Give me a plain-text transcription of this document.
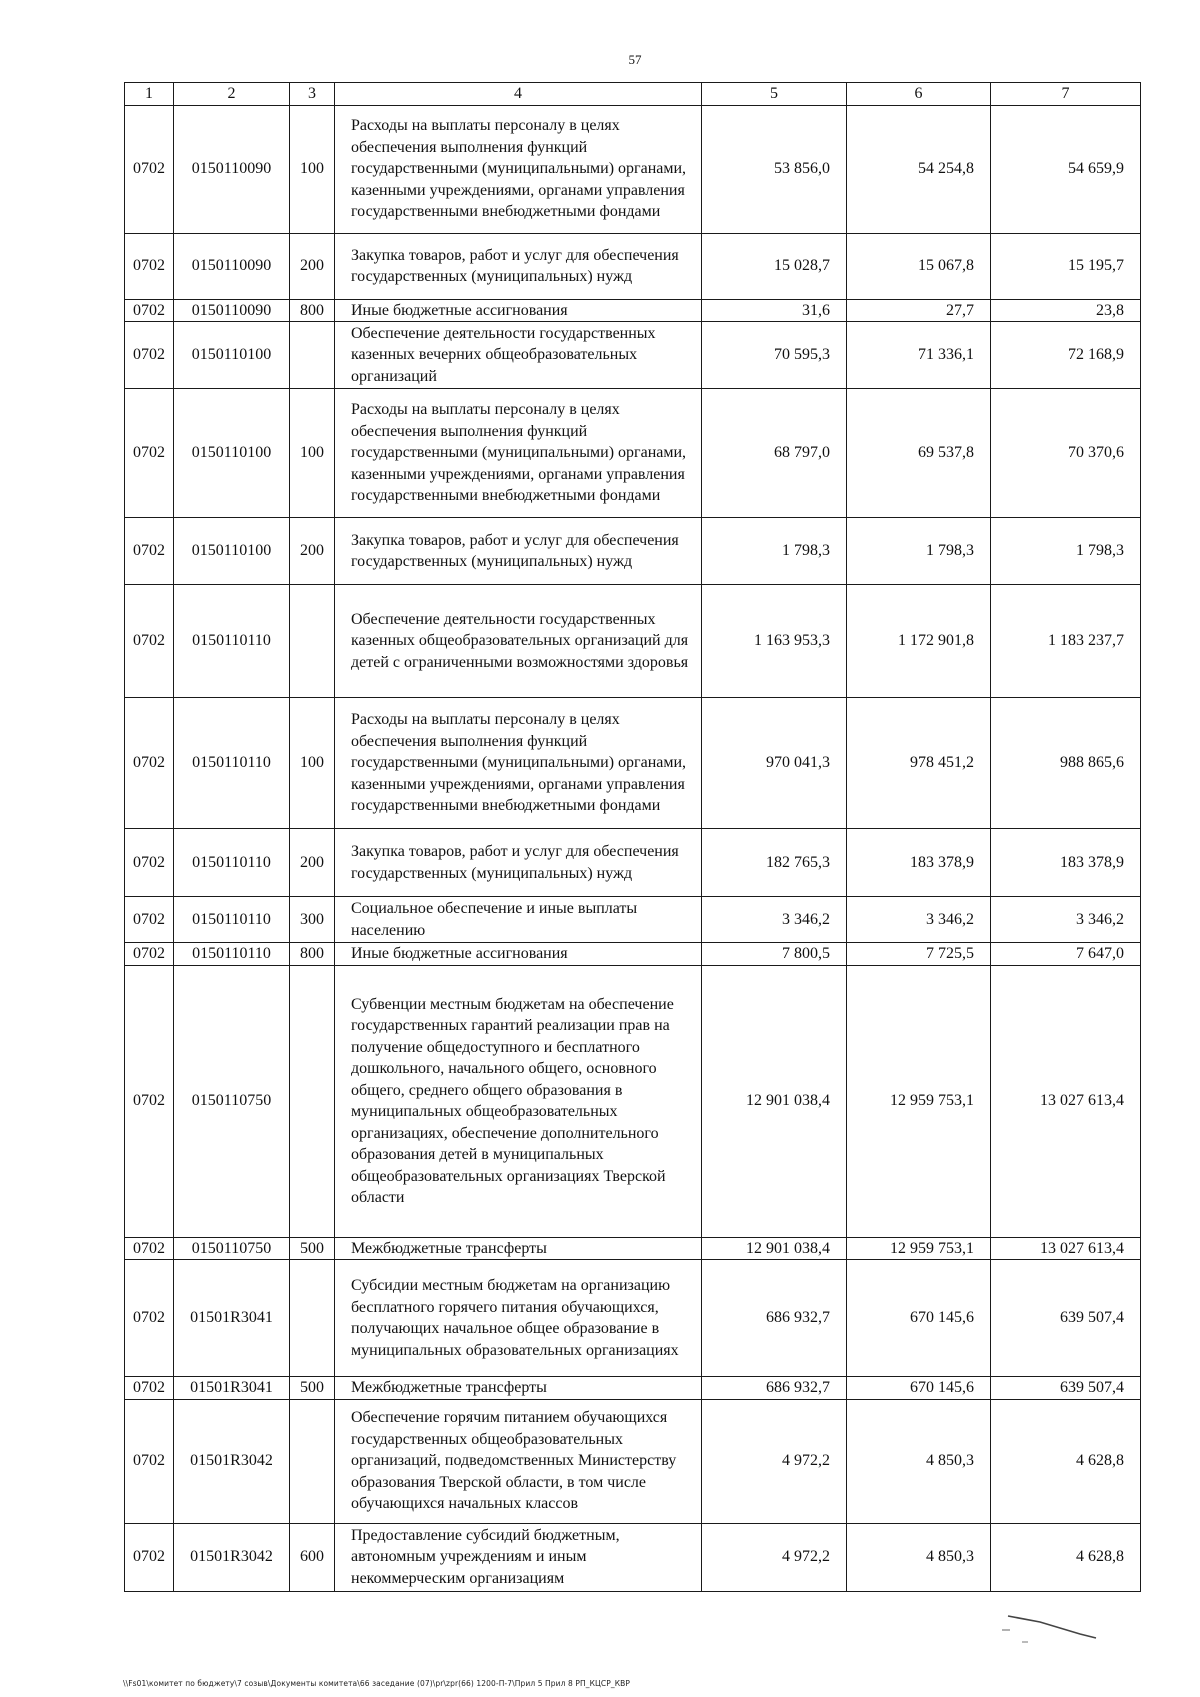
57
1	2	3	4	5	6	7
0702	0150110090	100	Расходы на выплаты персоналу в целях обеспечения выполнения функций государственными (муниципальными) органами, казенными учреждениями, органами управления государственными внебюджетными фондами	53 856,0	54 254,8	54 659,9
0702	0150110090	200	Закупка товаров, работ и услуг для обеспечения государственных (муниципальных) нужд	15 028,7	15 067,8	15 195,7
0702	0150110090	800	Иные бюджетные ассигнования	31,6	27,7	23,8
0702	0150110100		Обеспечение деятельности государственных казенных вечерних общеобразовательных организаций	70 595,3	71 336,1	72 168,9
0702	0150110100	100	Расходы на выплаты персоналу в целях обеспечения выполнения функций государственными (муниципальными) органами, казенными учреждениями, органами управления государственными внебюджетными фондами	68 797,0	69 537,8	70 370,6
0702	0150110100	200	Закупка товаров, работ и услуг для обеспечения государственных (муниципальных) нужд	1 798,3	1 798,3	1 798,3
0702	0150110110		Обеспечение деятельности государственных казенных общеобразовательных организаций для детей с ограниченными возможностями здоровья	1 163 953,3	1 172 901,8	1 183 237,7
0702	0150110110	100	Расходы на выплаты персоналу в целях обеспечения выполнения функций государственными (муниципальными) органами, казенными учреждениями, органами управления государственными внебюджетными фондами	970 041,3	978 451,2	988 865,6
0702	0150110110	200	Закупка товаров, работ и услуг для обеспечения государственных (муниципальных) нужд	182 765,3	183 378,9	183 378,9
0702	0150110110	300	Социальное обеспечение и иные выплаты населению	3 346,2	3 346,2	3 346,2
0702	0150110110	800	Иные бюджетные ассигнования	7 800,5	7 725,5	7 647,0
0702	0150110750		Субвенции местным бюджетам на обеспечение государственных гарантий реализации прав на получение общедоступного и бесплатного дошкольного, начального общего, основного общего, среднего общего образования в муниципальных общеобразовательных организациях, обеспечение дополнительного образования детей в муниципальных общеобразовательных организациях Тверской области	12 901 038,4	12 959 753,1	13 027 613,4
0702	0150110750	500	Межбюджетные трансферты	12 901 038,4	12 959 753,1	13 027 613,4
0702	01501R3041		Субсидии местным бюджетам на организацию бесплатного горячего питания обучающихся, получающих начальное общее образование в муниципальных образовательных организациях	686 932,7	670 145,6	639 507,4
0702	01501R3041	500	Межбюджетные трансферты	686 932,7	670 145,6	639 507,4
0702	01501R3042		Обеспечение горячим питанием обучающихся государственных общеобразовательных организаций, подведомственных Министерству образования Тверской области, в том числе обучающихся начальных классов	4 972,2	4 850,3	4 628,8
0702	01501R3042	600	Предоставление субсидий бюджетным, автономным учреждениям и иным некоммерческим организациям	4 972,2	4 850,3	4 628,8
\\Fs01\комитет по бюджету\7 созыв\Документы комитета\66 заседание (07)\pr\zpr(66) 1200-П-7\Прил 5 Прил 8 РП_КЦСР_КВР
